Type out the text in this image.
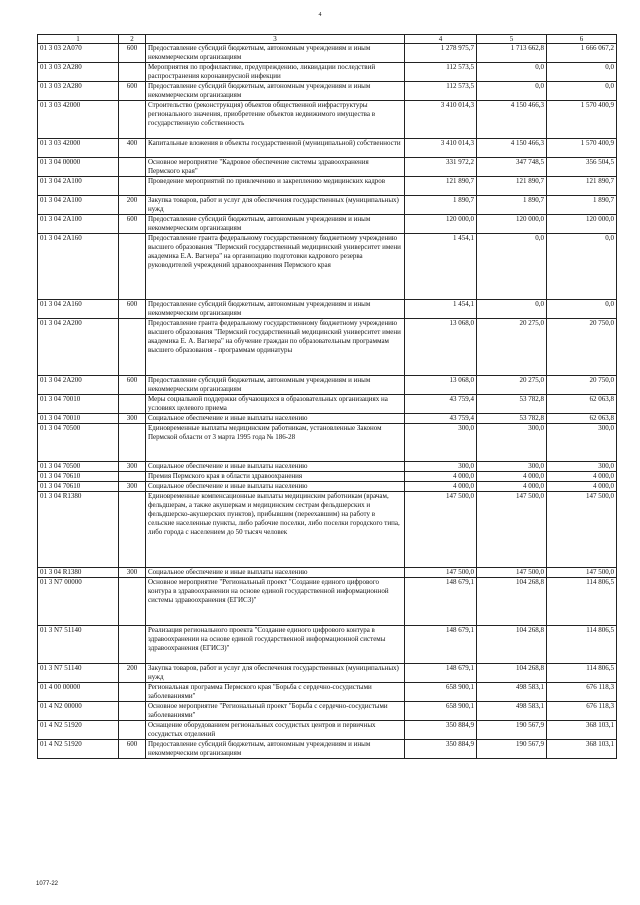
4
1	2	3	4	5	6
01 3 03 2A070	600	Предоставление субсидий бюджетным, автономным учреждениям и иным некоммерческим организациям	1 278 975,7	1 713 662,8	1 666 067,2
01 3 03 2A280		Мероприятия по профилактике, предупреждению, ликвидации последствий распространения коронавирусной инфекции	112 573,5	0,0	0,0
01 3 03 2A280	600	Предоставление субсидий бюджетным, автономным учреждениям и иным некоммерческим организациям	112 573,5	0,0	0,0
01 3 03 42000		Строительство (реконструкция) объектов общественной инфраструктуры регионального значения, приобретение объектов недвижимого имущества в государственную собственность	3 410 014,3	4 150 466,3	1 570 400,9
01 3 03 42000	400	Капитальные вложения в объекты государственной (муниципальной) собственности	3 410 014,3	4 150 466,3	1 570 400,9
01 3 04 00000		Основное мероприятие "Кадровое обеспечение системы здравоохранения Пермского края"	331 972,2	347 748,5	356 504,5
01 3 04 2A100		Проведение мероприятий по привлечению и закреплению медицинских кадров	121 890,7	121 890,7	121 890,7
01 3 04 2A100	200	Закупка товаров, работ и услуг для обеспечения государственных (муниципальных) нужд	1 890,7	1 890,7	1 890,7
01 3 04 2A100	600	Предоставление субсидий бюджетным, автономным учреждениям и иным некоммерческим организациям	120 000,0	120 000,0	120 000,0
01 3 04 2A160		Предоставление гранта федеральному государственному бюджетному учреждению высшего образования "Пермский государственный медицинский университет имени академика Е.А. Вагнера" на организацию подготовки кадрового резерва руководителей учреждений здравоохранения Пермского края	1 454,1	0,0	0,0
01 3 04 2A160	600	Предоставление субсидий бюджетным, автономным учреждениям и иным некоммерческим организациям	1 454,1	0,0	0,0
01 3 04 2A200		Предоставление гранта федеральному государственному бюджетному учреждению высшего образования "Пермский государственный медицинский университет имени академика Е. А. Вагнера" на обучение граждан по образовательным программам высшего образования - программам ординатуры	13 068,0	20 275,0	20 750,0
01 3 04 2A200	600	Предоставление субсидий бюджетным, автономным учреждениям и иным некоммерческим организациям	13 068,0	20 275,0	20 750,0
01 3 04 70010		Меры социальной поддержки обучающихся в образовательных организациях на условиях целевого приема	43 759,4	53 782,8	62 063,8
01 3 04 70010	300	Социальное обеспечение и иные выплаты населению	43 759,4	53 782,8	62 063,8
01 3 04 70500		Единовременные выплаты медицинским работникам, установленные Законом Пермской области от 3 марта 1995 года № 186-28	300,0	300,0	300,0
01 3 04 70500	300	Социальное обеспечение и иные выплаты населению	300,0	300,0	300,0
01 3 04 70610		Премия Пермского края в области здравоохранения	4 000,0	4 000,0	4 000,0
01 3 04 70610	300	Социальное обеспечение и иные выплаты населению	4 000,0	4 000,0	4 000,0
01 3 04 R1380		Единовременные компенсационные выплаты медицинским работникам (врачам, фельдшерам, а также акушеркам и медицинским сестрам фельдшерских и фельдшерско-акушерских пунктов), прибывшим (переехавшим) на работу в сельские населенные пункты, либо рабочие поселки, либо поселки городского типа, либо города с населением до 50 тысяч человек	147 500,0	147 500,0	147 500,0
01 3 04 R1380	300	Социальное обеспечение и иные выплаты населению	147 500,0	147 500,0	147 500,0
01 3 N7 00000		Основное мероприятие "Региональный проект "Создание единого цифрового контура в здравоохранении на основе единой государственной информационной системы здравоохранения (ЕГИСЗ)"	148 679,1	104 268,8	114 806,5
01 3 N7 51140		Реализация регионального проекта "Создание единого цифрового контура в здравоохранении на основе единой государственной информационной системы здравоохранения (ЕГИСЗ)"	148 679,1	104 268,8	114 806,5
01 3 N7 51140	200	Закупка товаров, работ и услуг для обеспечения государственных (муниципальных) нужд	148 679,1	104 268,8	114 806,5
01 4 00 00000		Региональная программа Пермского края "Борьба с сердечно-сосудистыми заболеваниями"	658 900,1	498 583,1	676 118,3
01 4 N2 00000		Основное мероприятие "Региональный проект "Борьба с сердечно-сосудистыми заболеваниями"	658 900,1	498 583,1	676 118,3
01 4 N2 51920		Оснащение оборудованием региональных сосудистых центров и первичных сосудистых отделений	350 884,9	190 567,9	368 103,1
01 4 N2 51920	600	Предоставление субсидий бюджетным, автономным учреждениям и иным некоммерческим организациям	350 884,9	190 567,9	368 103,1
1077-22
